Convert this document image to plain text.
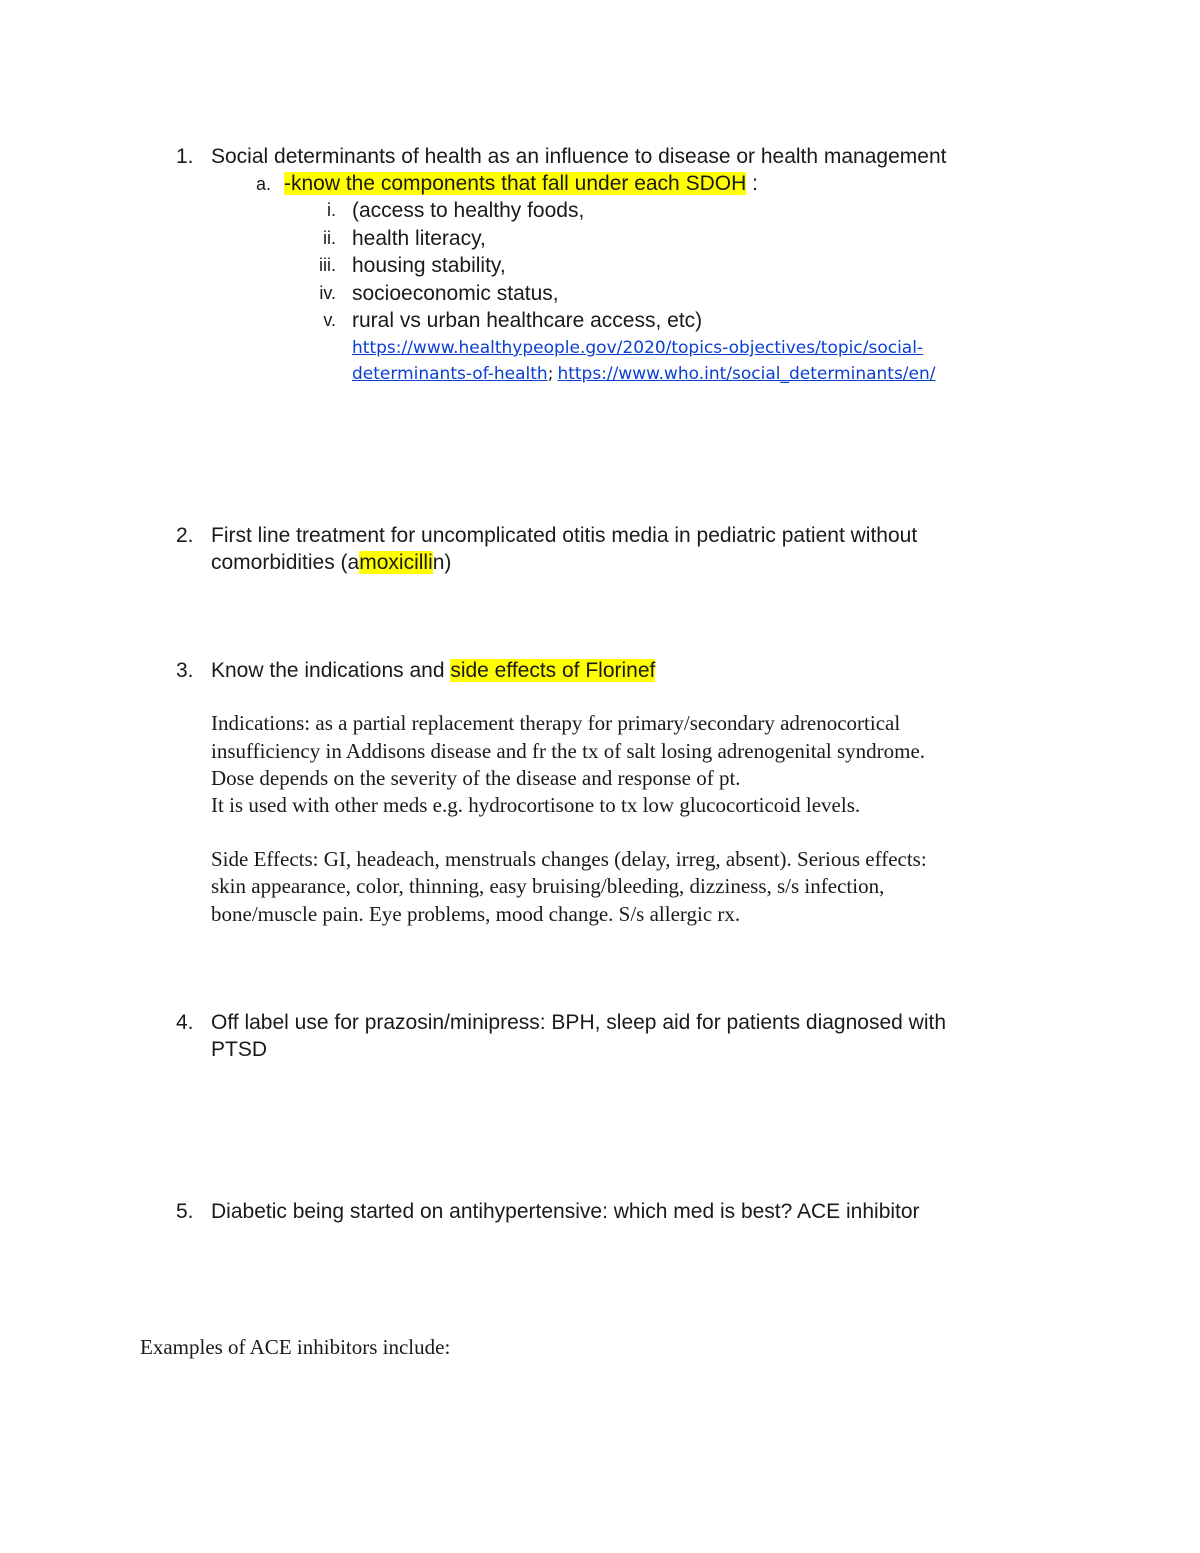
1. Social determinants of health as an influence to disease or health management
a. -know the components that fall under each SDOH :
i. (access to healthy foods,
ii. health literacy,
iii. housing stability,
iv. socioeconomic status,
v. rural vs urban healthcare access, etc)
https://www.healthypeople.gov/2020/topics-objectives/topic/social-
determinants-of-health; https://www.who.int/social_determinants/en/
2. First line treatment for uncomplicated otitis media in pediatric patient without
comorbidities (amoxicillin)
3. Know the indications and side effects of Florinef
Indications: as a partial replacement therapy for primary/secondary adrenocortical
insufficiency in Addisons disease and fr the tx of salt losing adrenogenital syndrome.
Dose depends on the severity of the disease and response of pt.
It is used with other meds e.g. hydrocortisone to tx low glucocorticoid levels.
Side Effects: GI, headeach, menstruals changes (delay, irreg, absent). Serious effects:
skin appearance, color, thinning, easy bruising/bleeding, dizziness, s/s infection,
bone/muscle pain. Eye problems, mood change. S/s allergic rx.
4. Off label use for prazosin/minipress: BPH, sleep aid for patients diagnosed with
PTSD
5. Diabetic being started on antihypertensive: which med is best? ACE inhibitor
Examples of ACE inhibitors include:
